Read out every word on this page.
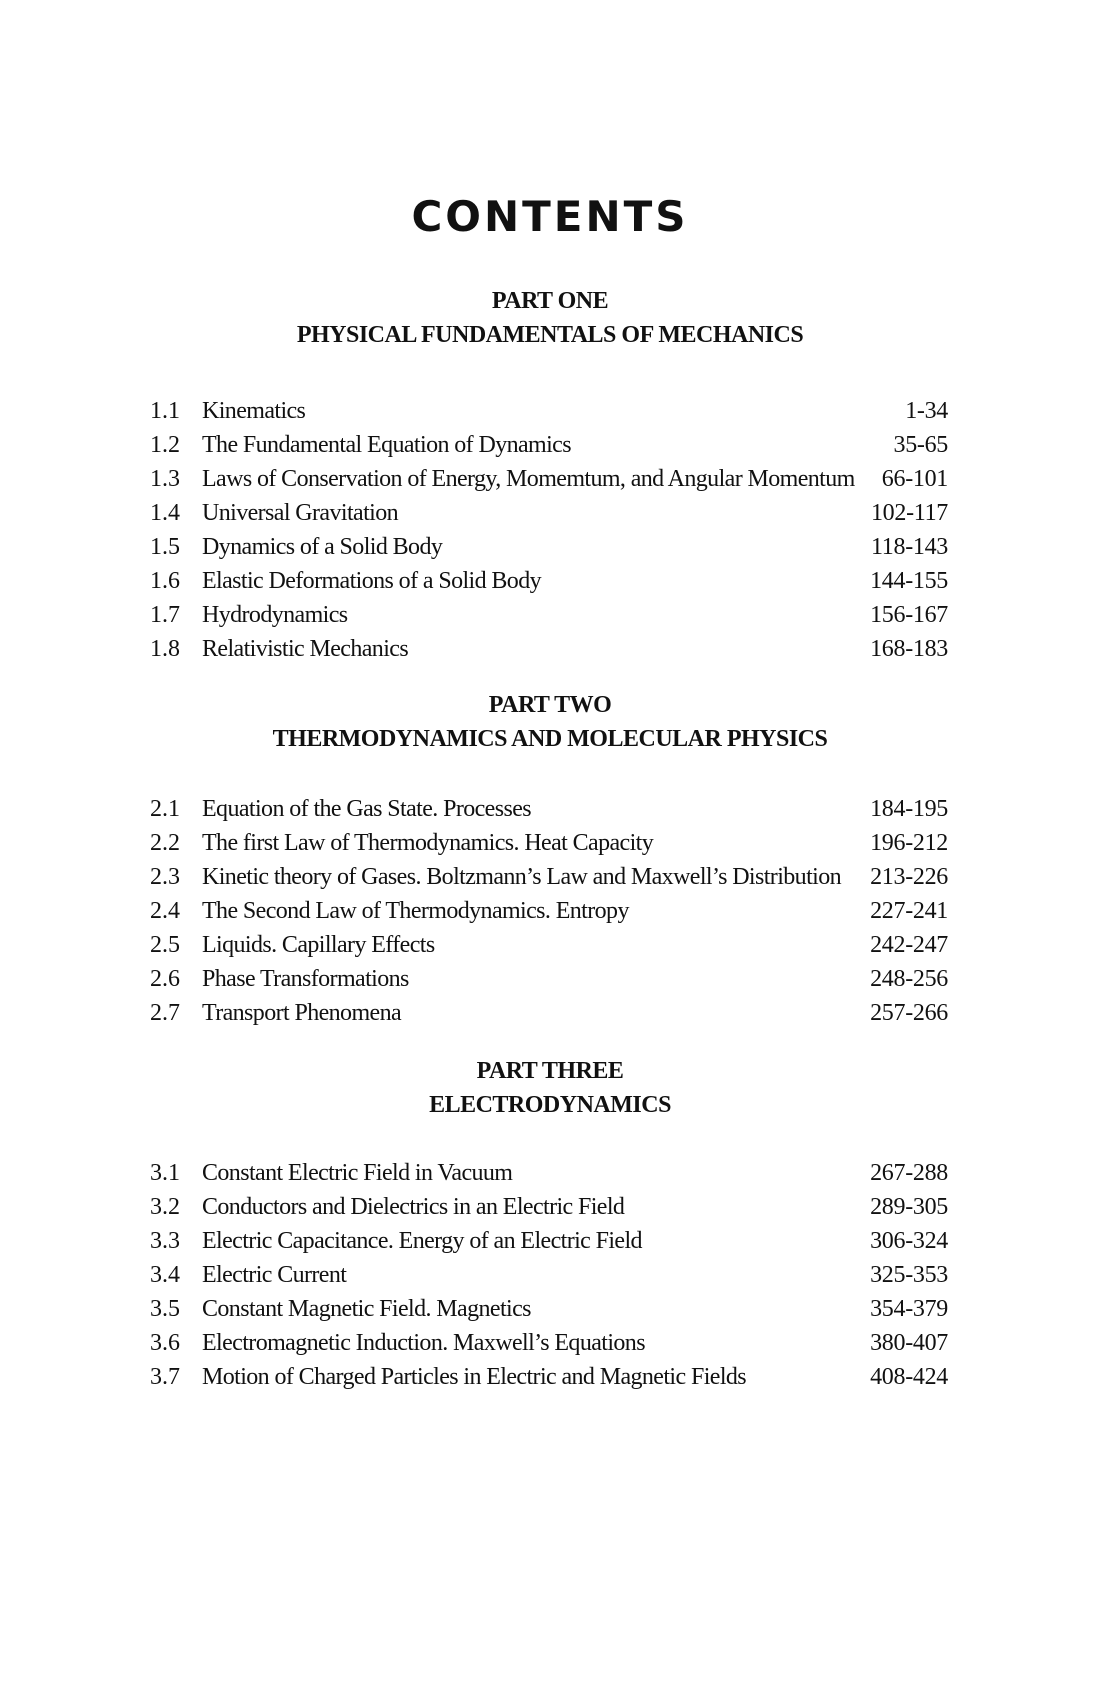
CONTENTS
PART ONE
PHYSICAL FUNDAMENTALS OF MECHANICS
1.1 Kinematics	1-34
1.2 The Fundamental Equation of Dynamics	35-65
1.3 Laws of Conservation of Energy, Momemtum, and Angular Momentum 66-101
1.4 Universal Gravitation	102-117
1.5 Dynamics of a Solid Body	118-143
1.6 Elastic Deformations of a Solid Body	144-155
1.7 Hydrodynamics	156-167
1.8 Relativistic Mechanics	168-183
PART TWO
THERMODYNAMICS AND MOLECULAR PHYSICS
2.1 Equation of the Gas State. Processes	184-195
2.2 The first Law of Thermodynamics. Heat Capacity	196-212
2.3 Kinetic theory of Gases. Boltzmann’s Law and Maxwell’s Distribution 213-226
2.4 The Second Law of Thermodynamics. Entropy	227-241
2.5 Liquids. Capillary Effects	242-247
2.6 Phase Transformations	248-256
2.7 Transport Phenomena	257-266
PART THREE
ELECTRODYNAMICS
3.1 Constant Electric Field in Vacuum	267-288
3.2 Conductors and Dielectrics in an Electric Field	289-305
3.3 Electric Capacitance. Energy of an Electric Field	306-324
3.4 Electric Current	325-353
3.5 Constant Magnetic Field. Magnetics	354-379
3.6 Electromagnetic Induction. Maxwell’s Equations	380-407
3.7 Motion of Charged Particles in Electric and Magnetic Fields	408-424
